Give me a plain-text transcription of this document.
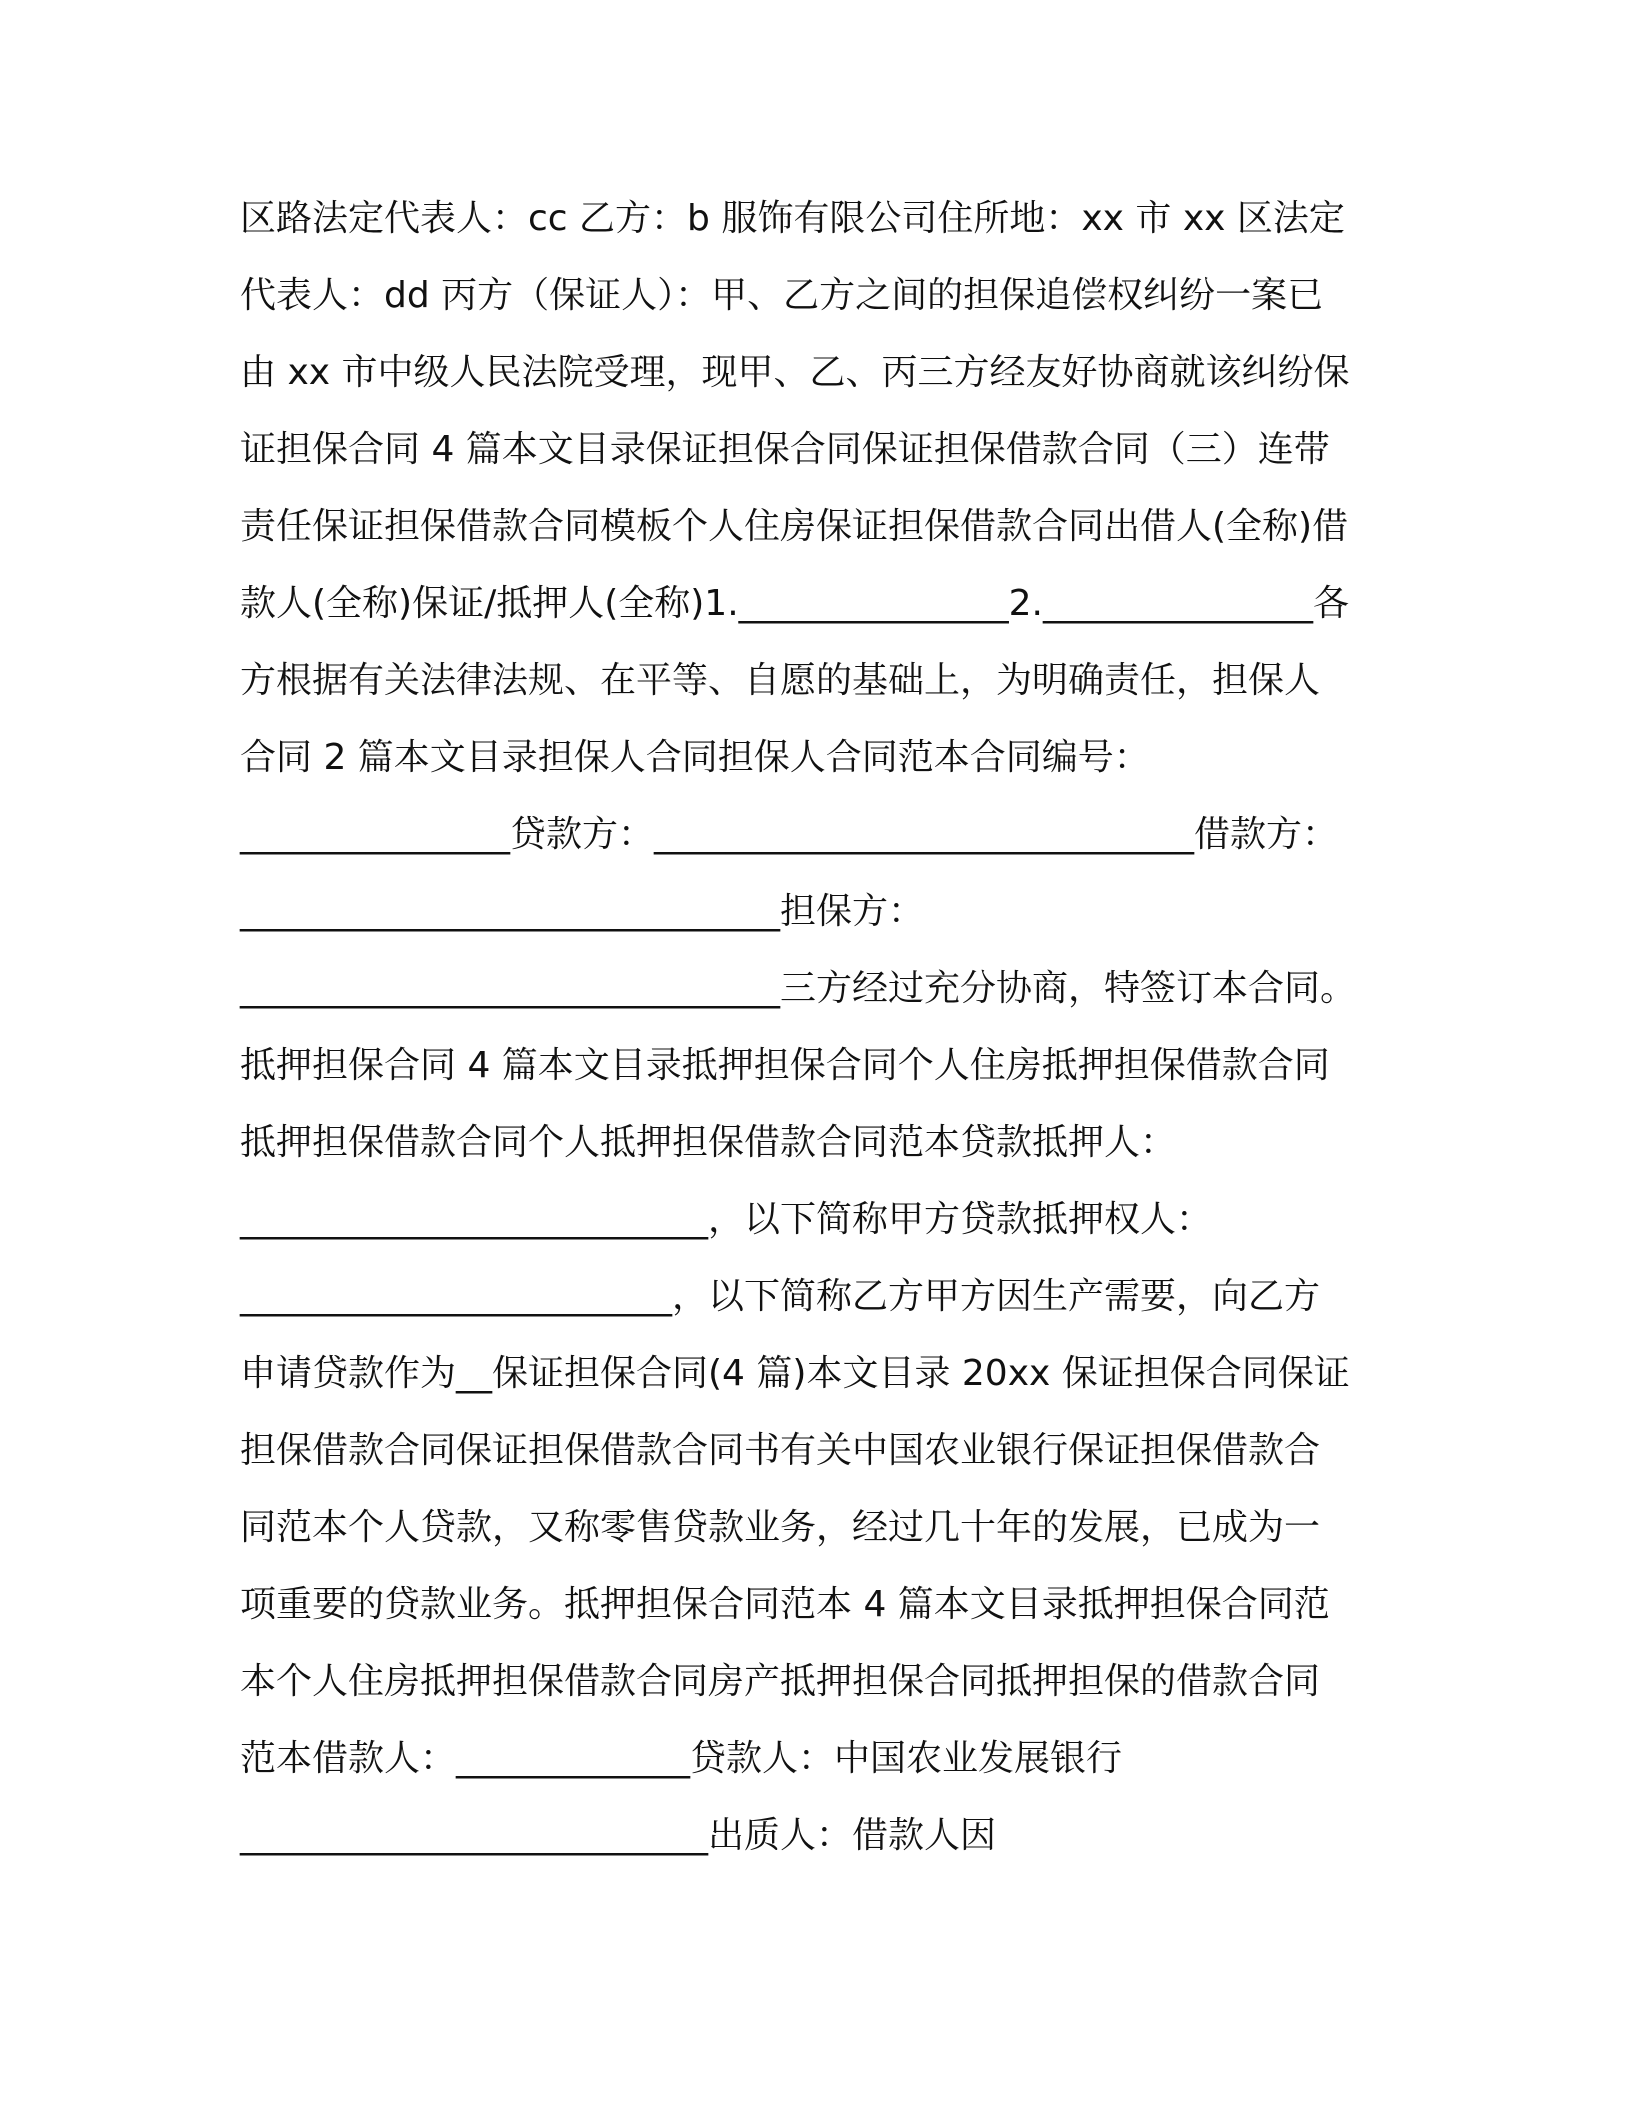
区路法定代表人：cc 乙方：b 服饰有限公司住所地：xx 市 xx 区法定
代表人：dd 丙方（保证人）：甲、乙方之间的担保追偿权纠纷一案已
由 xx 市中级人民法院受理，现甲、乙、丙三方经友好协商就该纠纷保
证担保合同 4 篇本文目录保证担保合同保证担保借款合同（三）连带
责任保证担保借款合同模板个人住房保证担保借款合同出借人(全称)借
款人(全称)保证/抵押人(全称)1._______________2._______________各
方根据有关法律法规、在平等、自愿的基础上，为明确责任，担保人
合同 2 篇本文目录担保人合同担保人合同范本合同编号：
_______________贷款方：______________________________借款方：
______________________________担保方：
______________________________三方经过充分协商，特签订本合同。
抵押担保合同 4 篇本文目录抵押担保合同个人住房抵押担保借款合同
抵押担保借款合同个人抵押担保借款合同范本贷款抵押人：
__________________________，以下简称甲方贷款抵押权人：
________________________，以下简称乙方甲方因生产需要，向乙方
申请贷款作为__保证担保合同(4 篇)本文目录 20xx 保证担保合同保证
担保借款合同保证担保借款合同书有关中国农业银行保证担保借款合
同范本个人贷款，又称零售贷款业务，经过几十年的发展，已成为一
项重要的贷款业务。抵押担保合同范本 4 篇本文目录抵押担保合同范
本个人住房抵押担保借款合同房产抵押担保合同抵押担保的借款合同
范本借款人：_____________贷款人：中国农业发展银行
__________________________出质人：借款人因
